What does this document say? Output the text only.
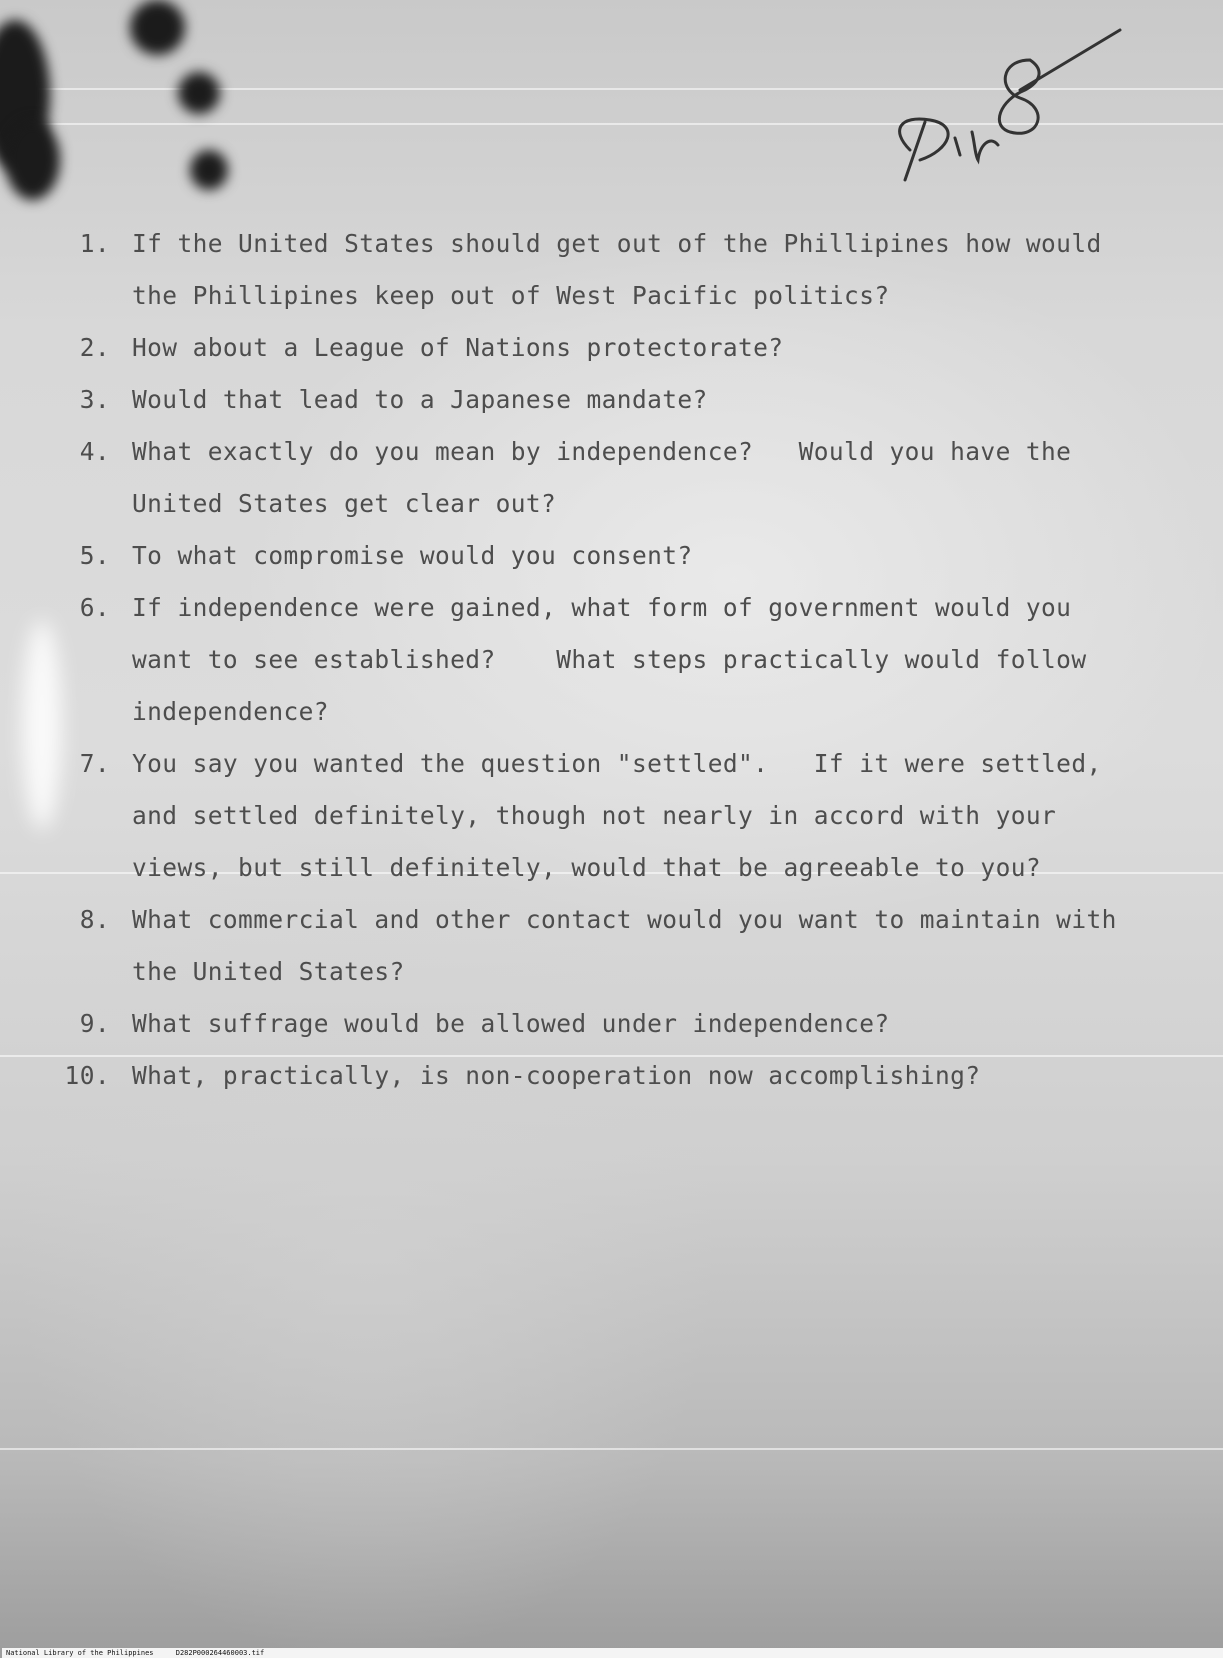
1. If the United States should get out of the Phillipines how would
the Phillipines keep out of West Pacific politics?
2. How about a League of Nations protectorate?
3. Would that lead to a Japanese mandate?
4. What exactly do you mean by independence?   Would you have the
United States get clear out?
5. To what compromise would you consent?
6. If independence were gained, what form of government would you
want to see established?    What steps practically would follow
independence?
7. You say you wanted the question "settled".   If it were settled,
and settled definitely, though not nearly in accord with your
views, but still definitely, would that be agreeable to you?
8. What commercial and other contact would you want to maintain with
the United States?
9. What suffrage would be allowed under independence?
10. What, practically, is non-cooperation now accomplishing?
National Library of the Philippines	D282P000264460003.tif
